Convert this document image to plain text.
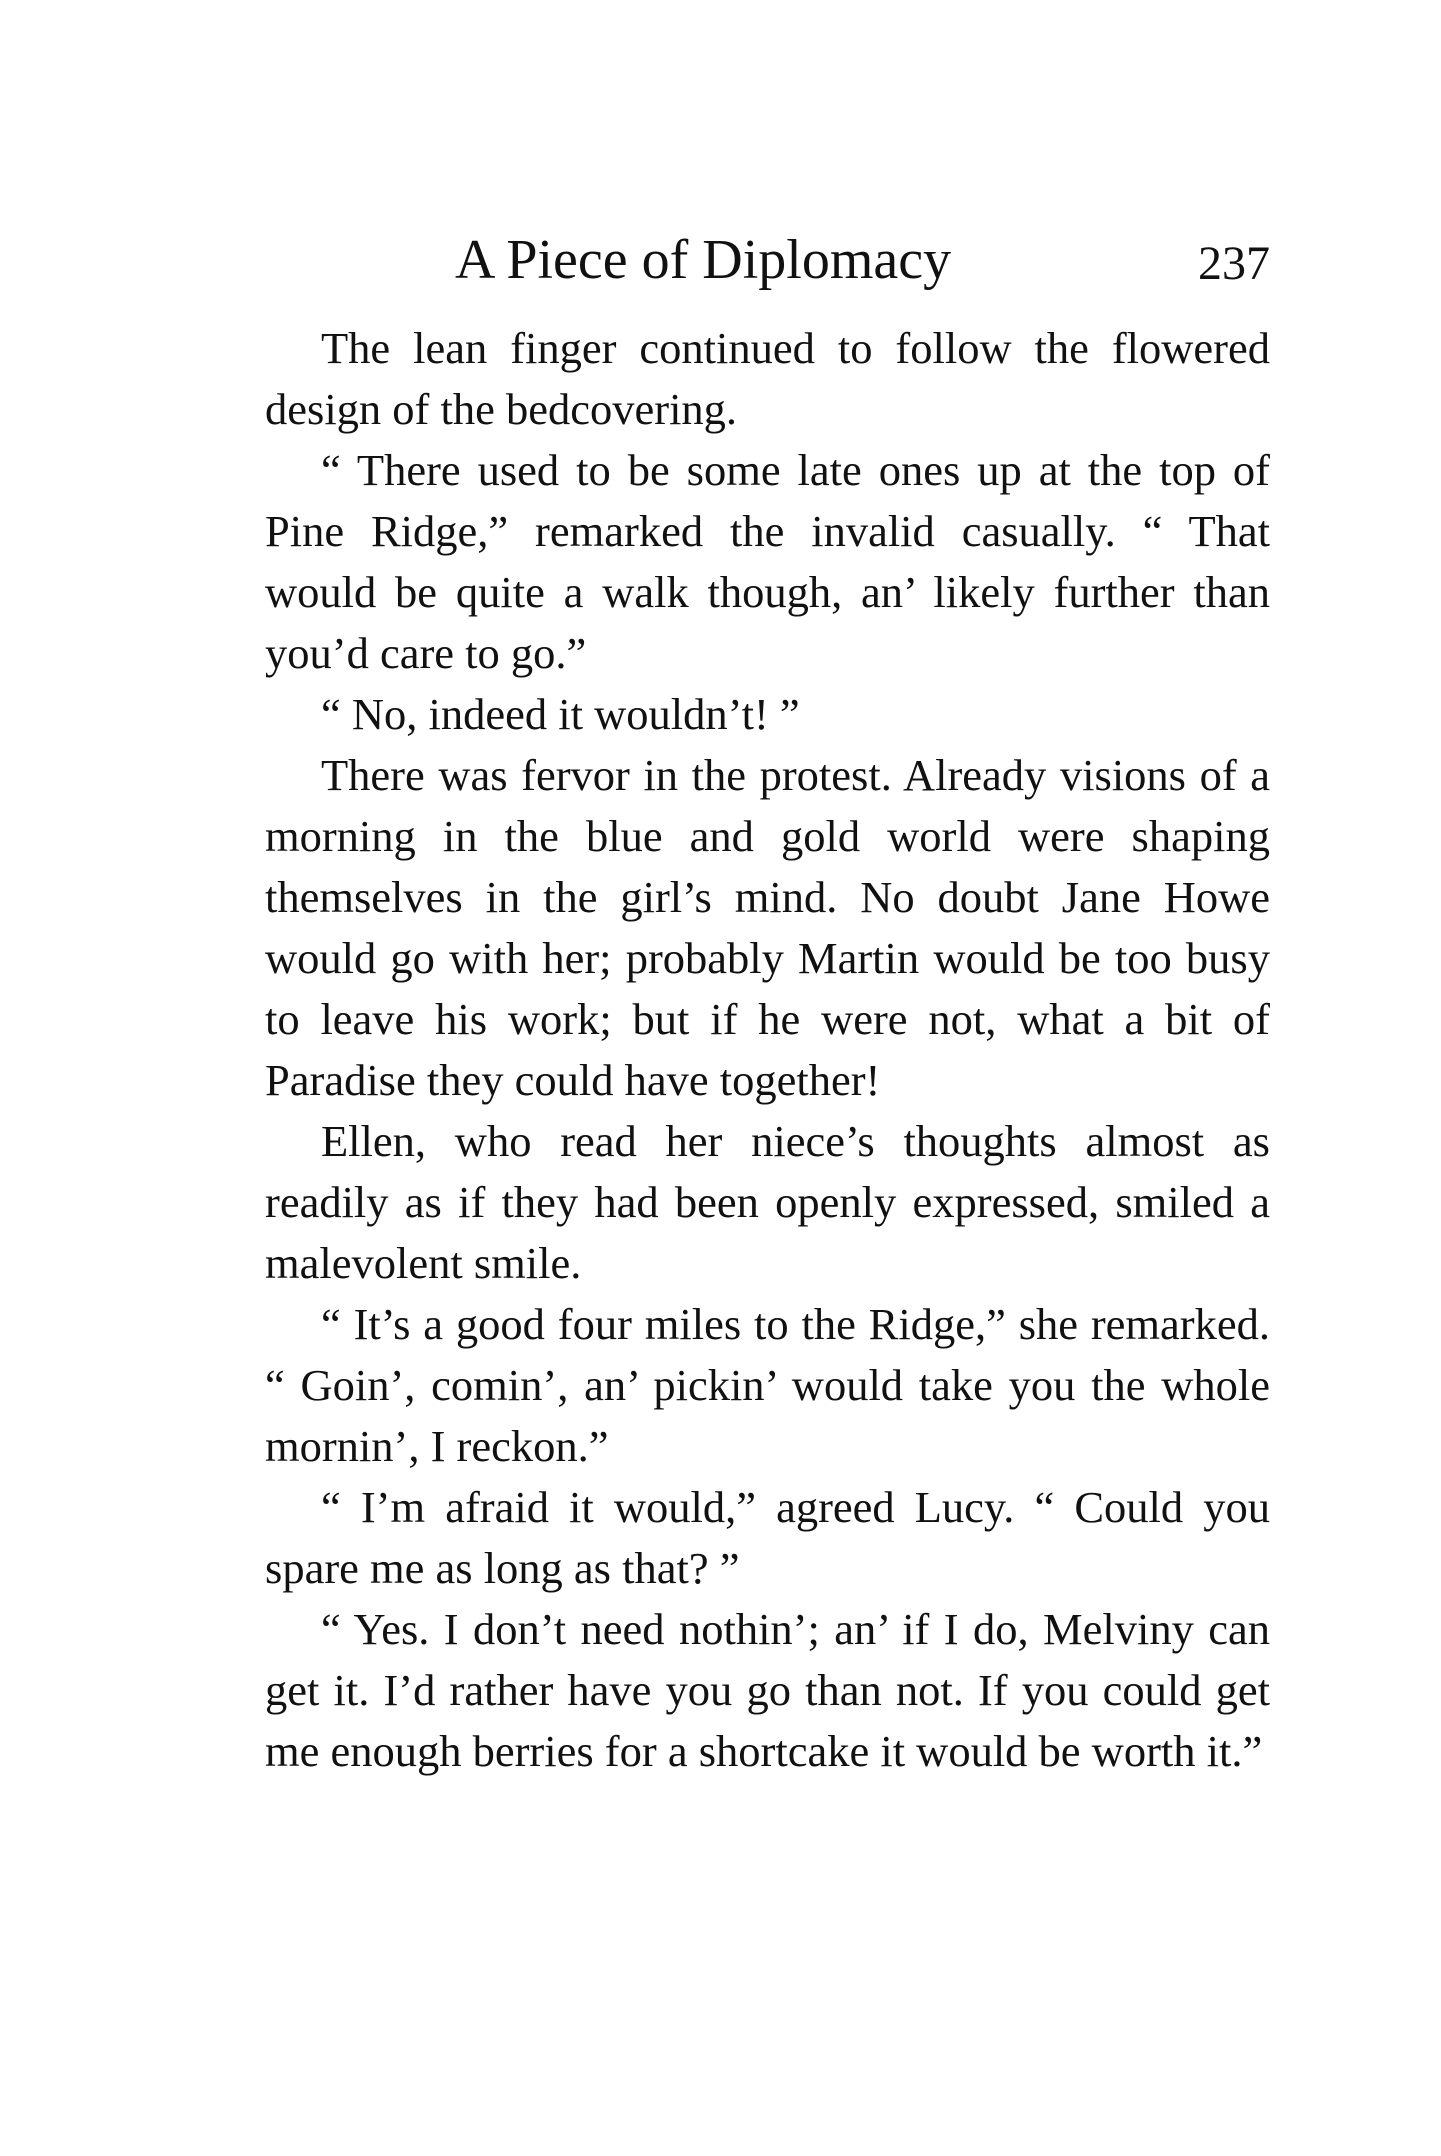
A Piece of Diplomacy	237

The lean finger continued to follow the flowered design of the bedcovering.

“ There used to be some late ones up at the top of Pine Ridge,” remarked the invalid casually. “ That would be quite a walk though, an’ likely further than you’d care to go.”

“ No, indeed it wouldn’t! ”

There was fervor in the protest. Already visions of a morning in the blue and gold world were shaping themselves in the girl’s mind. No doubt Jane Howe would go with her; probably Martin would be too busy to leave his work; but if he were not, what a bit of Paradise they could have together!

Ellen, who read her niece’s thoughts almost as readily as if they had been openly expressed, smiled a malevolent smile.

“ It’s a good four miles to the Ridge,” she remarked. “ Goin’, comin’, an’ pickin’ would take you the whole mornin’, I reckon.”

“ I’m afraid it would,” agreed Lucy. “ Could you spare me as long as that? ”

“ Yes. I don’t need nothin’; an’ if I do, Melviny can get it. I’d rather have you go than not. If you could get me enough berries for a shortcake it would be worth it.”
